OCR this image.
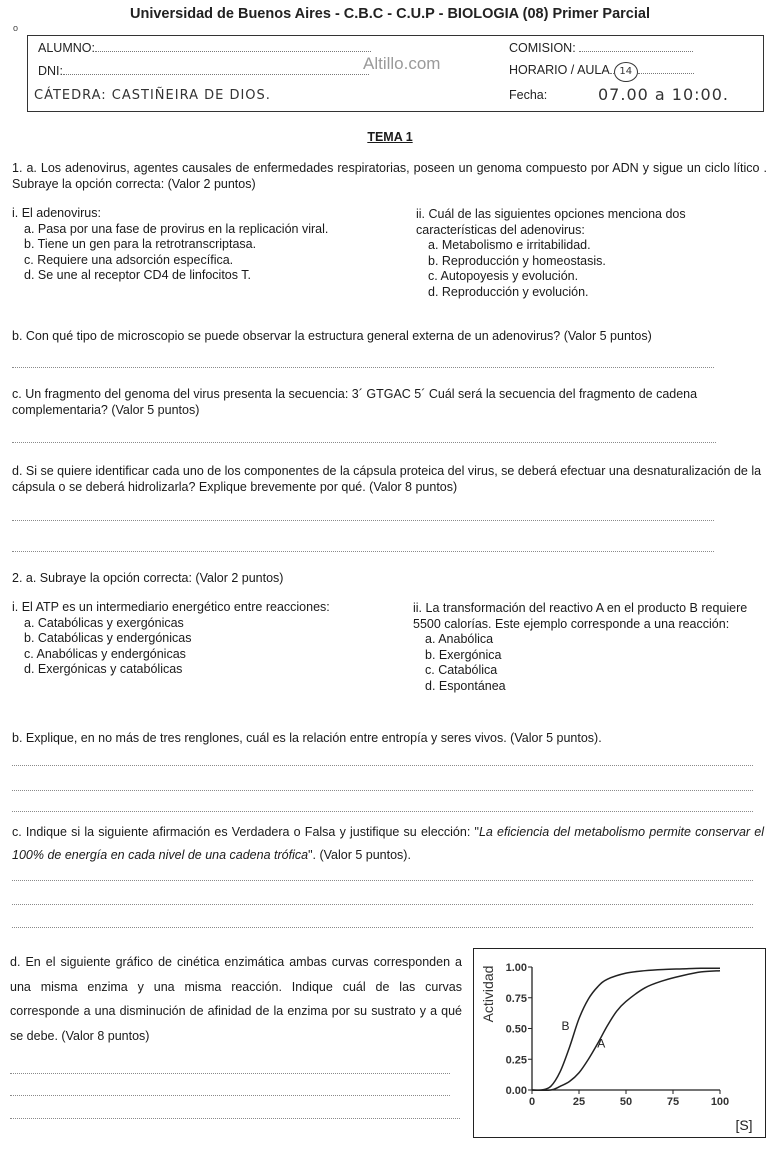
Universidad de Buenos Aires - C.B.C - C.U.P - BIOLOGIA (08) Primer Parcial
o
ALUMNO:
DNI:
CÁTEDRA: CASTIÑEIRA DE DIOS.
Altillo.com
COMISION:
HORARIO / AULA 14
Fecha:	07.00 a 10:00.
TEMA 1
1. a. Los adenovirus, agentes causales de enfermedades respiratorias, poseen un genoma compuesto por ADN y sigue un ciclo lítico . Subraye la opción correcta: (Valor 2 puntos)
i. El adenovirus:
a. Pasa por una fase de provirus en la replicación viral.
b. Tiene un gen para la retrotranscriptasa.
c. Requiere una adsorción específica.
d. Se une al receptor CD4 de linfocitos T.
ii. Cuál de las siguientes opciones menciona dos características del adenovirus:
a. Metabolismo e irritabilidad.
b. Reproducción y homeostasis.
c. Autopoyesis y evolución.
d. Reproducción y evolución.
b. Con qué tipo de microscopio se puede observar la estructura general externa de un adenovirus? (Valor 5 puntos)
c. Un fragmento del genoma del virus presenta la secuencia: 3´ GTGAC 5´ Cuál será la secuencia del fragmento de cadena complementaria? (Valor 5 puntos)
d. Si se quiere identificar cada uno de los componentes de la cápsula proteica del virus, se deberá efectuar una desnaturalización de la cápsula o se deberá hidrolizarla? Explique brevemente por qué. (Valor 8 puntos)
2. a. Subraye la opción correcta: (Valor 2 puntos)
i. El ATP es un intermediario energético entre reacciones:
a. Catabólicas y exergónicas
b. Catabólicas y endergónicas
c. Anabólicas y endergónicas
d. Exergónicas y catabólicas
ii. La transformación del reactivo A en el producto B requiere 5500 calorías. Este ejemplo corresponde a una reacción:
a. Anabólica
b. Exergónica
c. Catabólica
d. Espontánea
b. Explique, en no más de tres renglones, cuál es la relación entre entropía y seres vivos. (Valor 5 puntos).
c. Indique si la siguiente afirmación es Verdadera o Falsa y justifique su elección: "La eficiencia del metabolismo permite conservar el 100% de energía en cada nivel de una cadena trófica". (Valor 5 puntos).
d. En el siguiente gráfico de cinética enzimática ambas curvas corresponden a una misma enzima y una misma reacción. Indique cuál de las curvas corresponde a una disminución de afinidad de la enzima por su sustrato y a qué se debe. (Valor 8 puntos)
0	25	50	75	100
0.00
0.25
0.50
0.75
1.00
Actividad
[S]
B
A
